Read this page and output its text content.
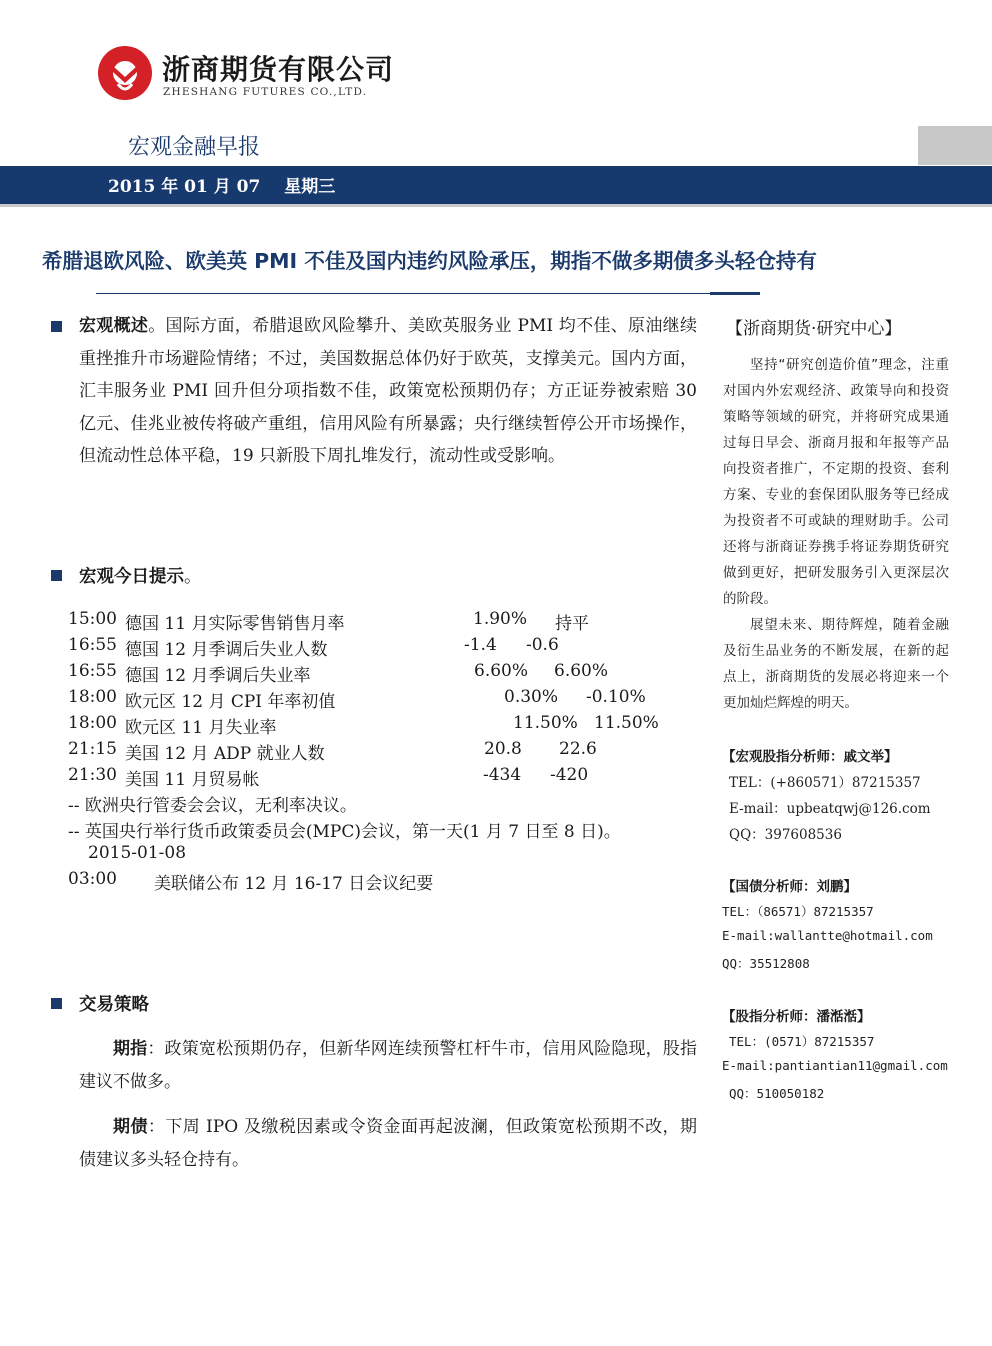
浙商期货有限公司
ZHESHANG FUTURES CO.,LTD.
宏观金融早报
2015 年 01 月 07 星期三
希腊退欧风险、欧美英 PMI 不佳及国内违约风险承压，期指不做多期债多头轻仓持有
宏观概述。国际方面，希腊退欧风险攀升、美欧英服务业 PMI 均不佳、原油继续重挫推升市场避险情绪；不过，美国数据总体仍好于欧英，支撑美元。国内方面，汇丰服务业 PMI 回升但分项指数不佳，政策宽松预期仍存；方正证券被索赔 30 亿元、佳兆业被传将破产重组，信用风险有所暴露；央行继续暂停公开市场操作，但流动性总体平稳，19 只新股下周扎堆发行，流动性或受影响。
宏观今日提示。
15:00 德国 11 月实际零售销售月率	1.90% 持平
16:55 德国 12 月季调后失业人数	-1.4 -0.6
16:55 德国 12 月季调后失业率	6.60% 6.60%
18:00 欧元区 12 月 CPI 年率初值	0.30% -0.10%
18:00 欧元区 11 月失业率	11.50% 11.50%
21:15 美国 12 月 ADP 就业人数	20.8 22.6
21:30 美国 11 月贸易帐	-434 -420
-- 欧洲央行管委会会议，无利率决议。
-- 英国央行举行货币政策委员会(MPC)会议，第一天(1 月 7 日至 8 日)。
2015-01-08
03:00 美联储公布 12 月 16-17 日会议纪要
交易策略
期指：政策宽松预期仍存，但新华网连续预警杠杆牛市，信用风险隐现，股指建议不做多。
期债：下周 IPO 及缴税因素或令资金面再起波澜，但政策宽松预期不改，期债建议多头轻仓持有。
【浙商期货·研究中心】
坚持“研究创造价值”理念，注重对国内外宏观经济、政策导向和投资策略等领域的研究，并将研究成果通过每日早会、浙商月报和年报等产品向投资者推广，不定期的投资、套利方案、专业的套保团队服务等已经成为投资者不可或缺的理财助手。公司还将与浙商证券携手将证券期货研究做到更好，把研发服务引入更深层次的阶段。
展望未来、期待辉煌，随着金融及衍生品业务的不断发展，在新的起点上，浙商期货的发展必将迎来一个更加灿烂辉煌的明天。
【宏观股指分析师：戚文举】
TEL：(+860571）87215357
E-mail：upbeatqwj@126.com
QQ：397608536
【国债分析师：刘鹏】
TEL：（86571）87215357
E-mail:wallantte@hotmail.com
QQ：35512808
【股指分析师：潘湉湉】
TEL：(0571）87215357
E-mail:pantiantian11@gmail.com
QQ：510050182
